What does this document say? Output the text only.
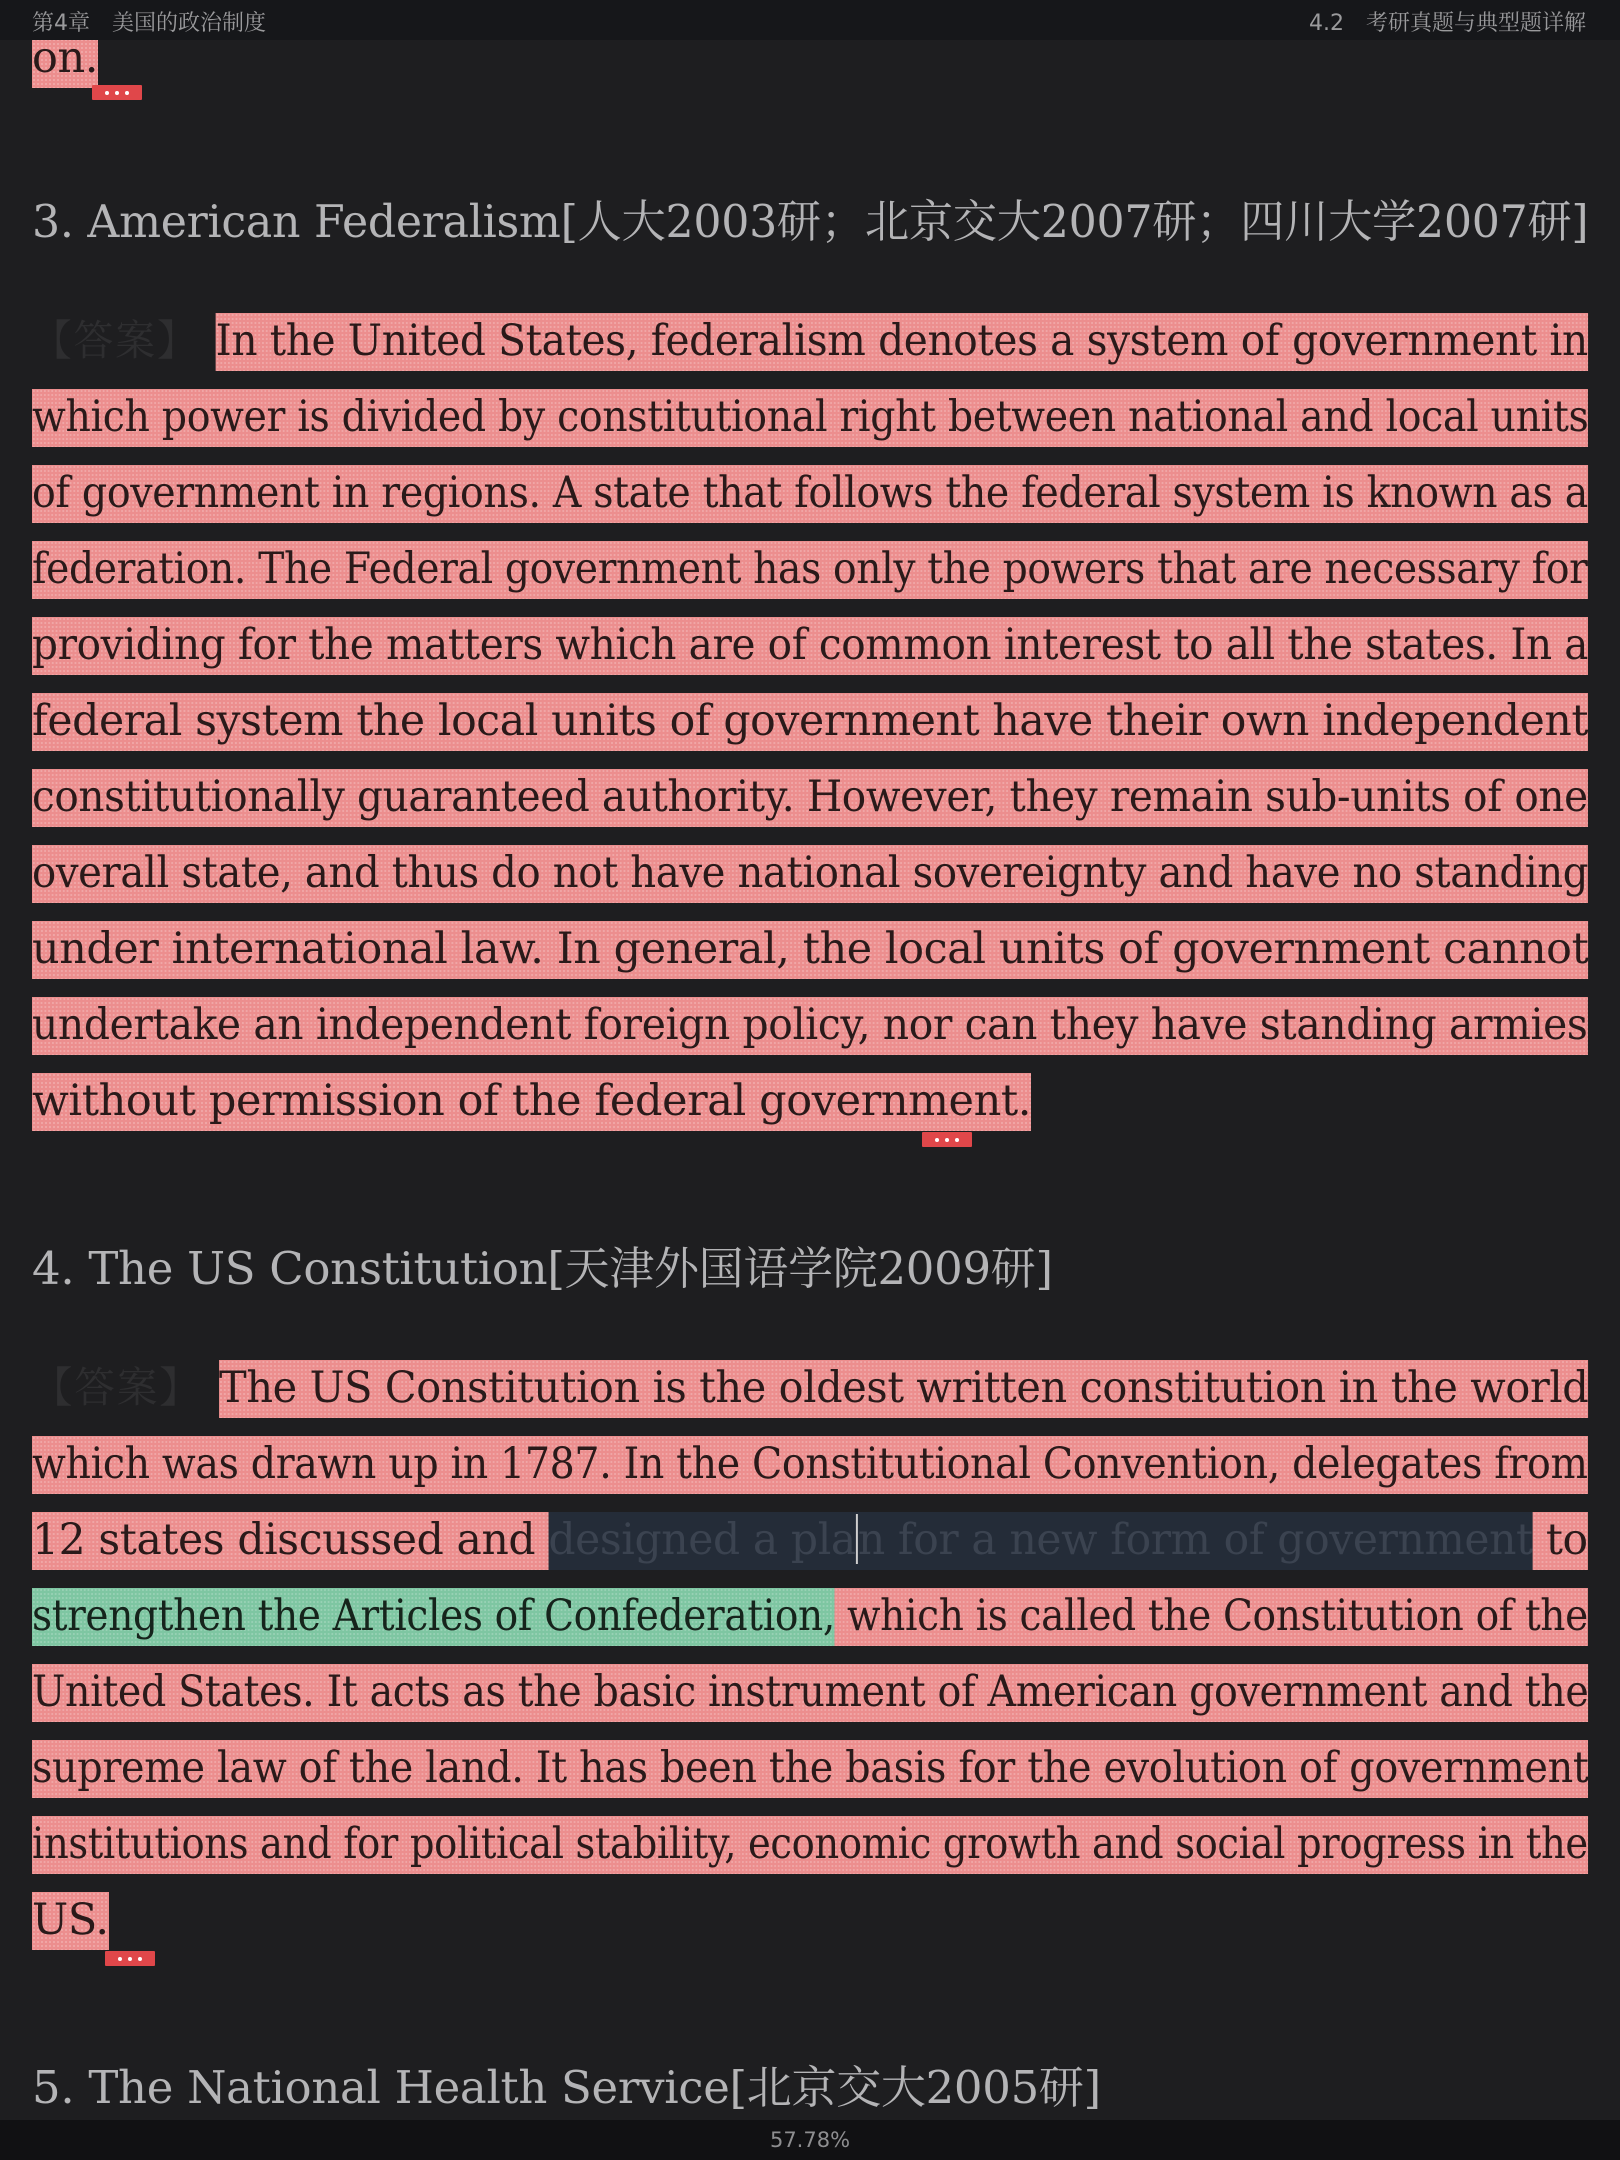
第4章　美国的政治制度	4.2　考研真题与典型题详解
on.
3. American Federalism[人大2003研；北京交大2007研；四川大学2007研]
【答案】 In the United States, federalism denotes a system of government in
which power is divided by constitutional right between national and local units
of government in regions. A state that follows the federal system is known as a
federation. The Federal government has only the powers that are necessary for
providing for the matters which are of common interest to all the states. In a
federal system the local units of government have their own independent
constitutionally guaranteed authority. However, they remain sub-units of one
overall state, and thus do not have national sovereignty and have no standing
under international law. In general, the local units of government cannot
undertake an independent foreign policy, nor can they have standing armies
without permission of the federal government.
4. The US Constitution[天津外国语学院2009研]
【答案】 The US Constitution is the oldest written constitution in the world
which was drawn up in 1787. In the Constitutional Convention, delegates from
12 states discussed and designed a plan for a new form of government to
strengthen the Articles of Confederation, which is called the Constitution of the
United States. It acts as the basic instrument of American government and the
supreme law of the land. It has been the basis for the evolution of government
institutions and for political stability, economic growth and social progress in the
US.
5. The National Health Service[北京交大2005研]
57.78%
